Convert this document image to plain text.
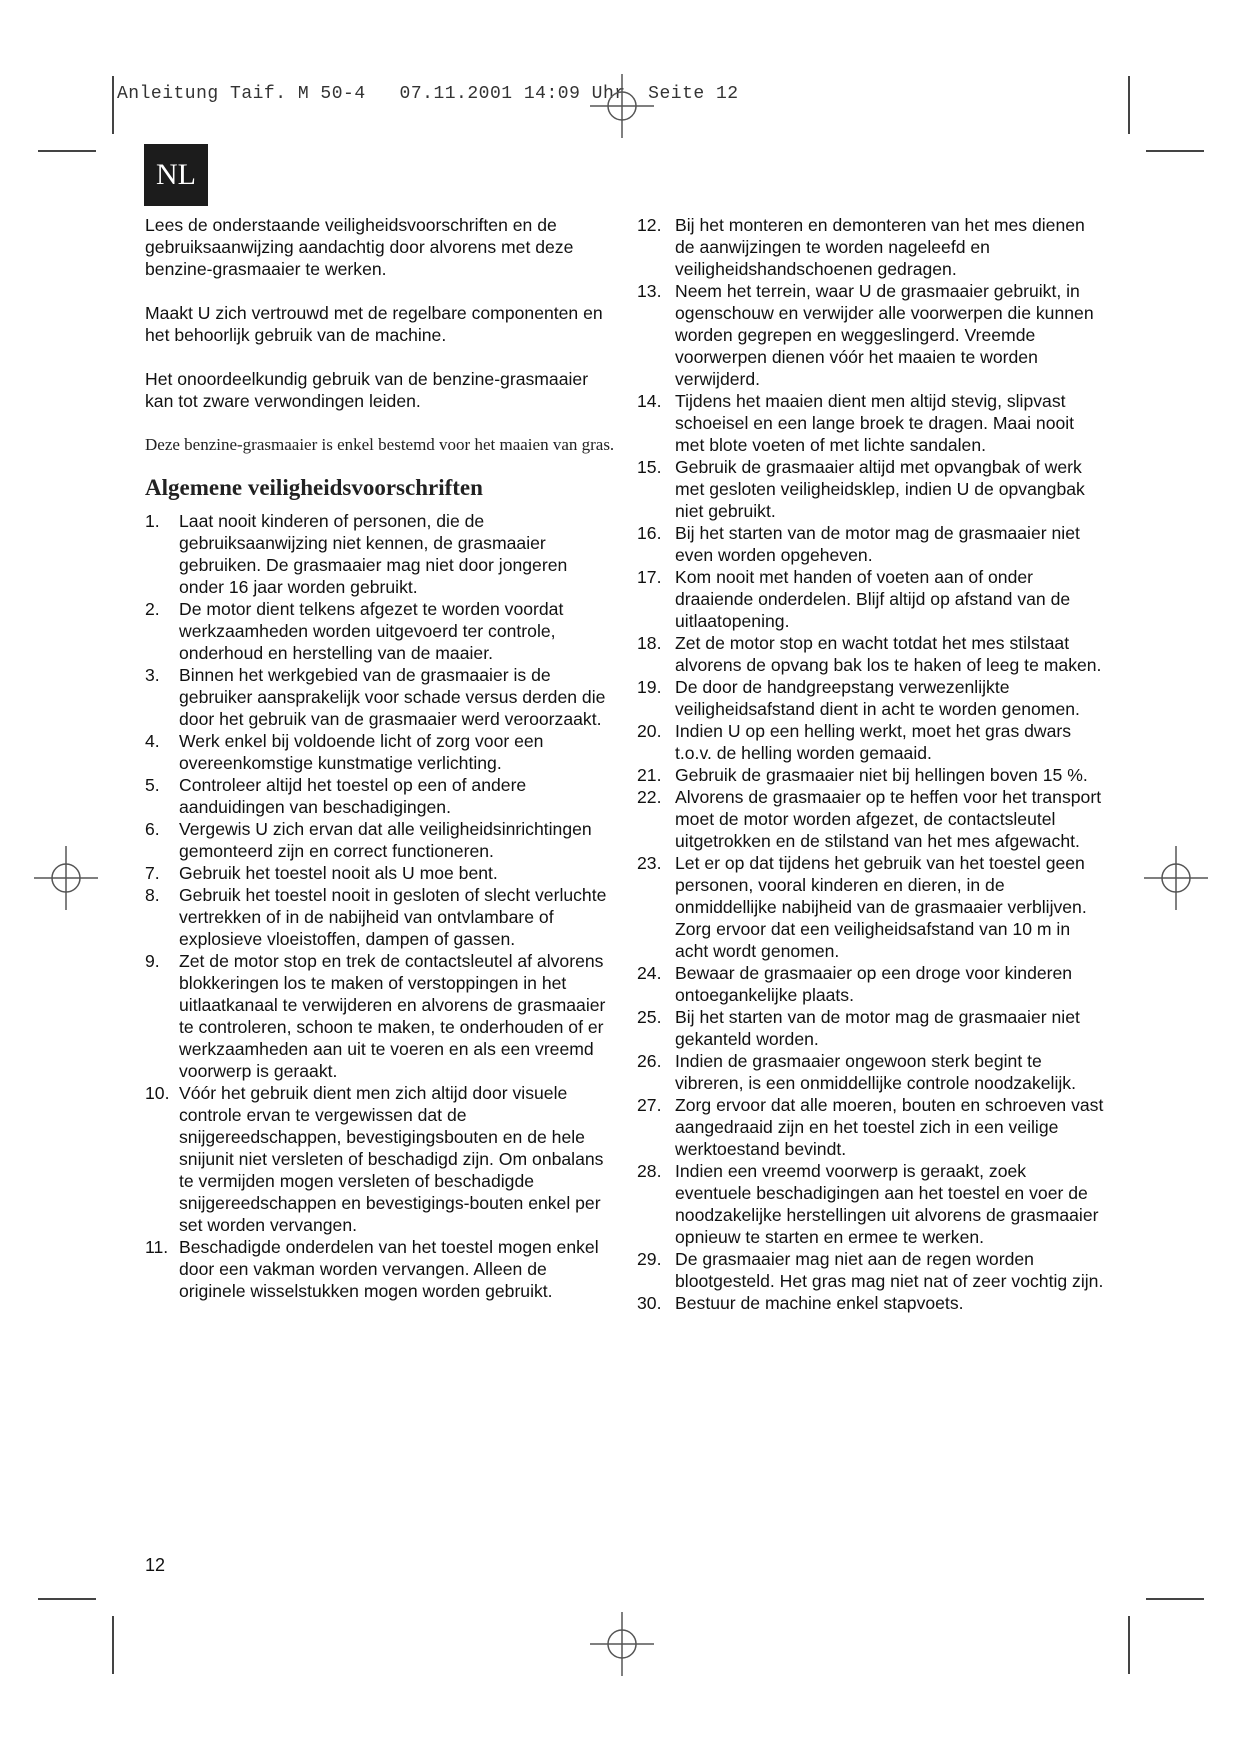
Anleitung Taif. M 50-4   07.11.2001 14:09 Uhr  Seite 12
NL

Lees de onderstaande veiligheidsvoorschriften en de gebruiksaanwijzing aandachtig door alvorens met deze benzine-grasmaaier te werken.

Maakt U zich vertrouwd met de regelbare componenten en het behoorlijk gebruik van de machine.

Het onoordeelkundig gebruik van de benzine-grasmaaier kan tot zware verwondingen leiden.

Deze benzine-grasmaaier is enkel bestemd voor het maaien van gras.

Algemene veiligheidsvoorschriften
1.	Laat nooit kinderen of personen, die de gebruiksaanwijzing niet kennen, de grasmaaier gebruiken. De grasmaaier mag niet door jongeren onder 16 jaar worden gebruikt.
2.	De motor dient telkens afgezet te worden voordat werkzaamheden worden uitgevoerd ter controle, onderhoud en herstelling van de maaier.
3.	Binnen het werkgebied van de grasmaaier is de gebruiker aansprakelijk voor schade versus derden die door het gebruik van de grasmaaier werd veroorzaakt.
4.	Werk enkel bij voldoende licht of zorg voor een overeenkomstige kunstmatige verlichting.
5.	Controleer altijd het toestel op een of andere aanduidingen van beschadigingen.
6.	Vergewis U zich ervan dat alle veiligheidsinrichtingen gemonteerd zijn en correct functioneren.
7.	Gebruik het toestel nooit als U moe bent.
8.	Gebruik het toestel nooit in gesloten of slecht verluchte vertrekken of in de nabijheid van ontvlambare of explosieve vloeistoffen, dampen of gassen.
9.	Zet de motor stop en trek de contactsleutel af alvorens blokkeringen los te maken of verstoppingen in het uitlaatkanaal te verwijderen en alvorens de grasmaaier te controleren, schoon te maken, te onderhouden of er werkzaamheden aan uit te voeren en als een vreemd voorwerp is geraakt.
10. Vóór het gebruik dient men zich altijd door visuele controle ervan te vergewissen dat de snijgereedschappen, bevestigingsbouten en de hele snijunit niet versleten of beschadigd zijn. Om onbalans te vermijden mogen versleten of beschadigde snijgereedschappen en bevestigings-bouten enkel per set worden vervangen.
11. Beschadigde onderdelen van het toestel mogen enkel door een vakman worden vervangen. Alleen de originele wisselstukken mogen worden gebruikt.
12. Bij het monteren en demonteren van het mes dienen de aanwijzingen te worden nageleefd en veiligheidshandschoenen gedragen.
13. Neem het terrein, waar U de grasmaaier gebruikt, in ogenschouw en verwijder alle voorwerpen die kunnen worden gegrepen en weggeslingerd. Vreemde voorwerpen dienen vóór het maaien te worden verwijderd.
14. Tijdens het maaien dient men altijd stevig, slipvast schoeisel en een lange broek te dragen. Maai nooit met blote voeten of met lichte sandalen.
15. Gebruik de grasmaaier altijd met opvangbak of werk met gesloten veiligheidsklep, indien U de opvangbak niet gebruikt.
16. Bij het starten van de motor mag de grasmaaier niet even worden opgeheven.
17. Kom nooit met handen of voeten aan of onder draaiende onderdelen. Blijf altijd op afstand van de uitlaatopening.
18. Zet de motor stop en wacht totdat het mes stilstaat alvorens de opvang bak los te haken of leeg te maken.
19. De door de handgreepstang verwezenlijkte veiligheidsafstand dient in acht te worden genomen.
20. Indien U op een helling werkt, moet het gras dwars t.o.v. de helling worden gemaaid.
21. Gebruik de grasmaaier niet bij hellingen boven 15 %.
22. Alvorens de grasmaaier op te heffen voor het transport moet de motor worden afgezet, de contactsleutel uitgetrokken en de stilstand van het mes afgewacht.
23. Let er op dat tijdens het gebruik van het toestel geen personen, vooral kinderen en dieren, in de onmiddellijke nabijheid van de grasmaaier verblijven. Zorg ervoor dat een veiligheidsafstand van 10 m in acht wordt genomen.
24. Bewaar de grasmaaier op een droge voor kinderen ontoegankelijke plaats.
25. Bij het starten van de motor mag de grasmaaier niet gekanteld worden.
26. Indien de grasmaaier ongewoon sterk begint te vibreren, is een onmiddellijke controle noodzakelijk.
27. Zorg ervoor dat alle moeren, bouten en schroeven vast aangedraaid zijn en het toestel zich in een veilige werktoestand bevindt.
28. Indien een vreemd voorwerp is geraakt, zoek eventuele beschadigingen aan het toestel en voer de noodzakelijke herstellingen uit alvorens de grasmaaier opnieuw te starten en ermee te werken.
29. De grasmaaier mag niet aan de regen worden blootgesteld. Het gras mag niet nat of zeer vochtig zijn.
30. Bestuur de machine enkel stapvoets.
12
